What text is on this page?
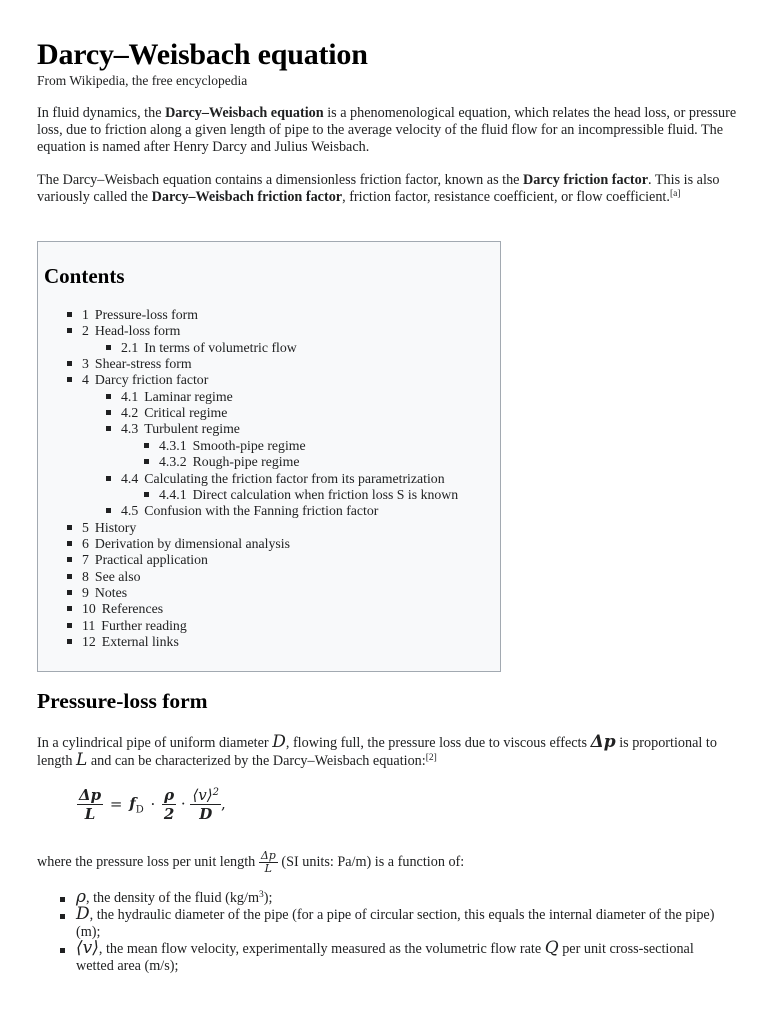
Darcy–Weisbach equation
From Wikipedia, the free encyclopedia

In fluid dynamics, the Darcy–Weisbach equation is a phenomenological equation, which relates the head loss, or pressure loss, due to friction along a given length of pipe to the average velocity of the fluid flow for an incompressible fluid. The equation is named after Henry Darcy and Julius Weisbach.

The Darcy–Weisbach equation contains a dimensionless friction factor, known as the Darcy friction factor. This is also variously called the Darcy–Weisbach friction factor, friction factor, resistance coefficient, or flow coefficient.[a]

Contents
1 Pressure-loss form
2 Head-loss form
2.1 In terms of volumetric flow
3 Shear-stress form
4 Darcy friction factor
4.1 Laminar regime
4.2 Critical regime
4.3 Turbulent regime
4.3.1 Smooth-pipe regime
4.3.2 Rough-pipe regime
4.4 Calculating the friction factor from its parametrization
4.4.1 Direct calculation when friction loss S is known
4.5 Confusion with the Fanning friction factor
5 History
6 Derivation by dimensional analysis
7 Practical application
8 See also
9 Notes
10 References
11 Further reading
12 External links
Pressure-loss form

In a cylindrical pipe of uniform diameter D, flowing full, the pressure loss due to viscous effects Δp is proportional to length L and can be characterized by the Darcy–Weisbach equation:[2]

$\frac{\Delta p}{L} = f_D \cdot \frac{\rho}{2} \cdot \frac{⟨v⟩^2}{D}$ ,

where the pressure loss per unit length $\frac{\Delta p}{L} (SI$ units: Pa/m) is a function of:

ρ, the density of the fluid $(kg/m^3)$;

D, the hydraulic diameter of the pipe (for a pipe of circular section, this equals the internal diameter of the pipe) (m);

⟨v⟩, the mean flow velocity, experimentally measured as the volumetric flow rate Q per unit cross-sectional wetted area (m/s);
